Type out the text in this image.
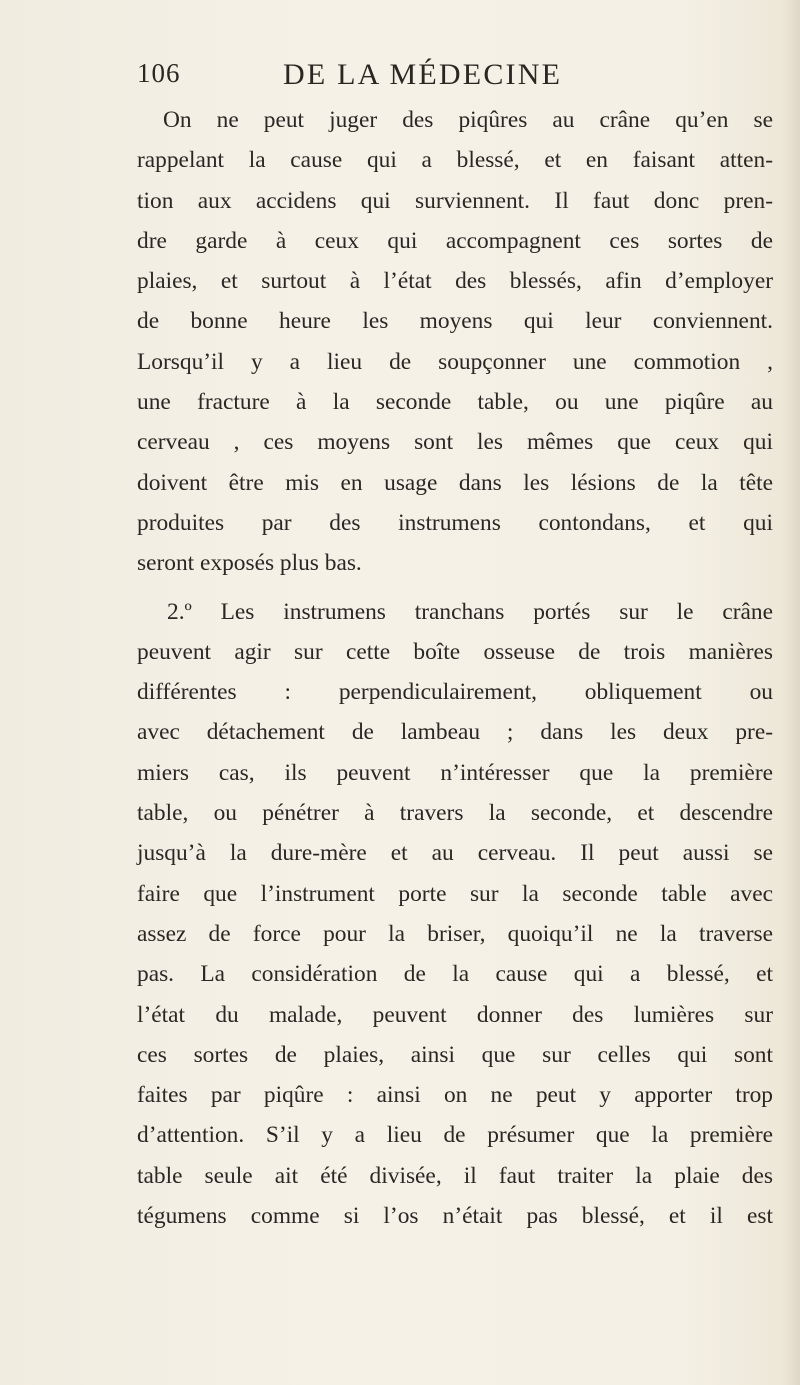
106	DE LA MÉDECINE
On ne peut juger des piqûres au crâne qu’en se
rappelant la cause qui a blessé, et en faisant atten-
tion aux accidens qui surviennent. Il faut donc pren-
dre garde à ceux qui accompagnent ces sortes de
plaies, et surtout à l’état des blessés, afin d’employer
de bonne heure les moyens qui leur conviennent.
Lorsqu’il y a lieu de soupçonner une commotion ,
une fracture à la seconde table, ou une piqûre au
cerveau , ces moyens sont les mêmes que ceux qui
doivent être mis en usage dans les lésions de la tête
produites par des instrumens contondans, et qui
seront exposés plus bas.
2.º Les instrumens tranchans portés sur le crâne
peuvent agir sur cette boîte osseuse de trois manières
différentes : perpendiculairement, obliquement ou
avec détachement de lambeau ; dans les deux pre-
miers cas, ils peuvent n’intéresser que la première
table, ou pénétrer à travers la seconde, et descendre
jusqu’à la dure-mère et au cerveau. Il peut aussi se
faire que l’instrument porte sur la seconde table avec
assez de force pour la briser, quoiqu’il ne la traverse
pas. La considération de la cause qui a blessé, et
l’état du malade, peuvent donner des lumières sur
ces sortes de plaies, ainsi que sur celles qui sont
faites par piqûre : ainsi on ne peut y apporter trop
d’attention. S’il y a lieu de présumer que la première
table seule ait été divisée, il faut traiter la plaie des
tégumens comme si l’os n’était pas blessé, et il est
